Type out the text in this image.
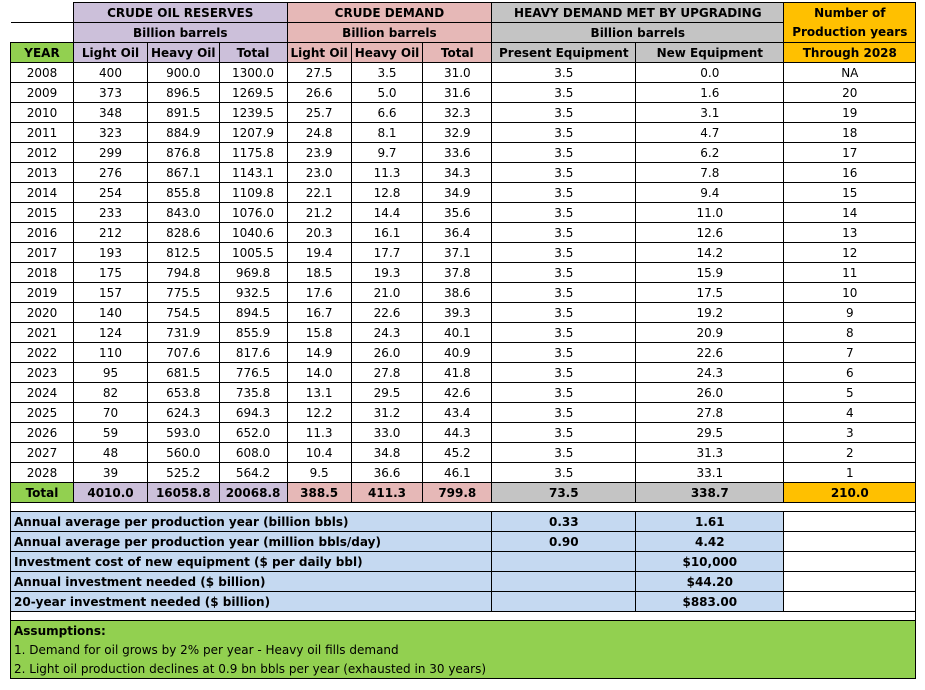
	CRUDE OIL RESERVES			CRUDE DEMAND			HEAVY DEMAND MET BY UPGRADING		Number of
	Billion barrels			Billion barrels			Billion barrels		Production years
YEAR	Light Oil	Heavy Oil	Total	Light Oil	Heavy Oil	Total	Present Equipment	New Equipment	Through 2028
2008	400	900.0	1300.0	27.5	3.5	31.0	3.5	0.0	NA
2009	373	896.5	1269.5	26.6	5.0	31.6	3.5	1.6	20
2010	348	891.5	1239.5	25.7	6.6	32.3	3.5	3.1	19
2011	323	884.9	1207.9	24.8	8.1	32.9	3.5	4.7	18
2012	299	876.8	1175.8	23.9	9.7	33.6	3.5	6.2	17
2013	276	867.1	1143.1	23.0	11.3	34.3	3.5	7.8	16
2014	254	855.8	1109.8	22.1	12.8	34.9	3.5	9.4	15
2015	233	843.0	1076.0	21.2	14.4	35.6	3.5	11.0	14
2016	212	828.6	1040.6	20.3	16.1	36.4	3.5	12.6	13
2017	193	812.5	1005.5	19.4	17.7	37.1	3.5	14.2	12
2018	175	794.8	969.8	18.5	19.3	37.8	3.5	15.9	11
2019	157	775.5	932.5	17.6	21.0	38.6	3.5	17.5	10
2020	140	754.5	894.5	16.7	22.6	39.3	3.5	19.2	9
2021	124	731.9	855.9	15.8	24.3	40.1	3.5	20.9	8
2022	110	707.6	817.6	14.9	26.0	40.9	3.5	22.6	7
2023	95	681.5	776.5	14.0	27.8	41.8	3.5	24.3	6
2024	82	653.8	735.8	13.1	29.5	42.6	3.5	26.0	5
2025	70	624.3	694.3	12.2	31.2	43.4	3.5	27.8	4
2026	59	593.0	652.0	11.3	33.0	44.3	3.5	29.5	3
2027	48	560.0	608.0	10.4	34.8	45.2	3.5	31.3	2
2028	39	525.2	564.2	9.5	36.6	46.1	3.5	33.1	1
Total	4010.0	16058.8	20068.8	388.5	411.3	799.8	73.5	338.7	210.0

Annual average per production year (billion bbls)							0.33	1.61	
Annual average per production year (million bbls/day)							0.90	4.42	
Investment cost of new equipment ($ per daily bbl)								$10,000	
Annual investment needed ($ billion)								$44.20	
20-year investment needed ($ billion)								$883.00	

Assumptions:									
1. Demand for oil grows by 2% per year - Heavy oil fills demand									
2. Light oil production declines at 0.9 bn bbls per year (exhausted in 30 years)									
